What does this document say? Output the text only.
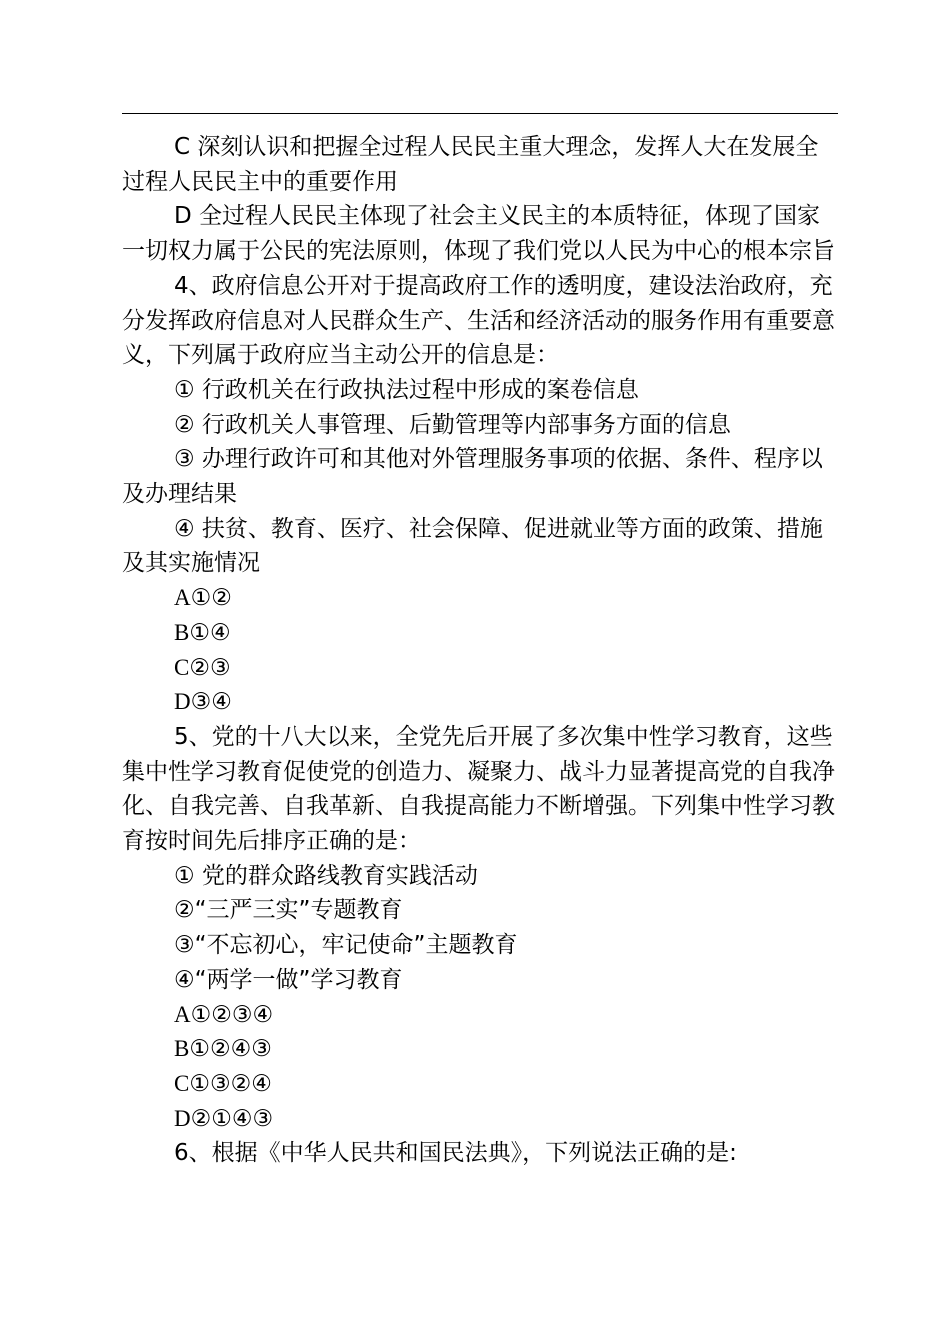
C 深刻认识和把握全过程人民民主重大理念，发挥人大在发展全过程人民民主中的重要作用

D 全过程人民民主体现了社会主义民主的本质特征，体现了国家一切权力属于公民的宪法原则，体现了我们党以人民为中心的根本宗旨

4、政府信息公开对于提高政府工作的透明度，建设法治政府，充分发挥政府信息对人民群众生产、生活和经济活动的服务作用有重要意义，下列属于政府应当主动公开的信息是：

① 行政机关在行政执法过程中形成的案卷信息

② 行政机关人事管理、后勤管理等内部事务方面的信息

③ 办理行政许可和其他对外管理服务事项的依据、条件、程序以及办理结果

④ 扶贫、教育、医疗、社会保障、促进就业等方面的政策、措施及其实施情况

A①②

B①④

C②③

D③④

5、党的十八大以来，全党先后开展了多次集中性学习教育，这些集中性学习教育促使党的创造力、凝聚力、战斗力显著提高党的自我净化、自我完善、自我革新、自我提高能力不断增强。下列集中性学习教育按时间先后排序正确的是：

① 党的群众路线教育实践活动

②“三严三实”专题教育

③“不忘初心，牢记使命”主题教育

④“两学一做”学习教育

A①②③④

B①②④③

C①③②④

D②①④③

6、根据《中华人民共和国民法典》，下列说法正确的是:
